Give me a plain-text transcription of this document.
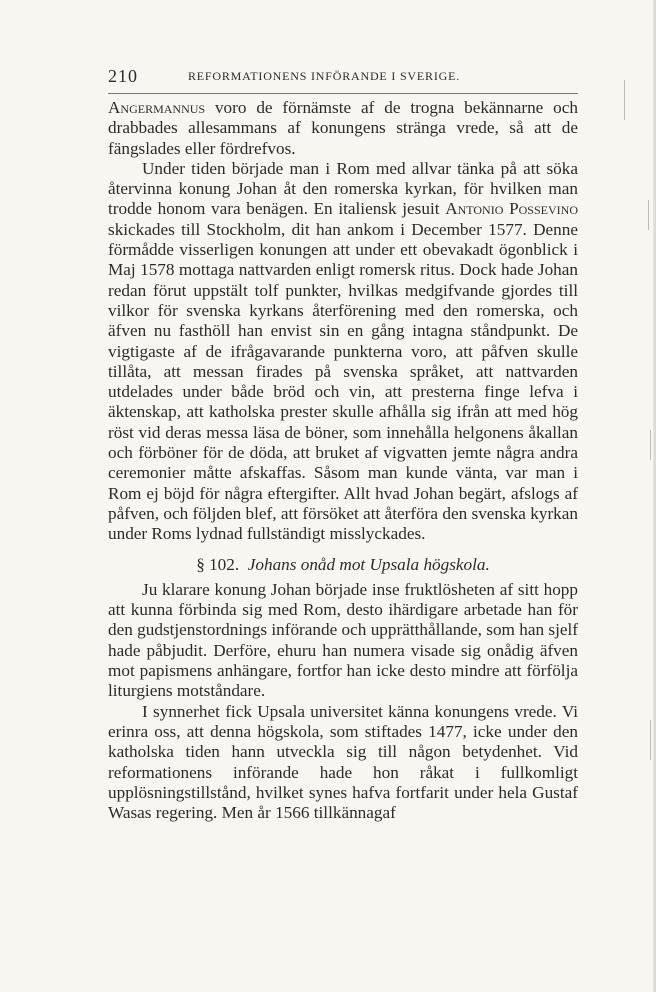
210	REFORMATIONENS INFÖRANDE I SVERIGE.

Angermannus voro de förnämste af de trogna bekännarne och drabbades allesammans af konungens stränga vrede, så att de fängslades eller fördrefvos.

Under tiden började man i Rom med allvar tänka på att söka återvinna konung Johan åt den romerska kyrkan, för hvilken man trodde honom vara benägen. En italiensk jesuit Antonio Possevino skickades till Stockholm, dit han ankom i December 1577. Denne förmådde visserligen konungen att under ett obevakadt ögonblick i Maj 1578 mottaga nattvarden enligt romersk ritus. Dock hade Johan redan förut uppstält tolf punkter, hvilkas medgifvande gjordes till vilkor för svenska kyrkans återförening med den romerska, och äfven nu fasthöll han envist sin en gång intagna ståndpunkt. De vigtigaste af de ifrågavarande punkterna voro, att påfven skulle tillåta, att messan firades på svenska språket, att nattvarden utdelades under både bröd och vin, att presterna finge lefva i äktenskap, att katholska prester skulle afhålla sig ifrån att med hög röst vid deras messa läsa de böner, som innehålla helgonens åkallan och förböner för de döda, att bruket af vigvatten jemte några andra ceremonier måtte afskaffas. Såsom man kunde vänta, var man i Rom ej böjd för några eftergifter. Allt hvad Johan begärt, afslogs af påfven, och följden blef, att försöket att återföra den svenska kyrkan under Roms lydnad fullständigt misslyckades.

§ 102. Johans onåd mot Upsala högskola.

Ju klarare konung Johan började inse fruktlösheten af sitt hopp att kunna förbinda sig med Rom, desto ihärdigare arbetade han för den gudstjenstordnings införande och upprätthållande, som han sjelf hade påbjudit. Derföre, ehuru han numera visade sig onådig äfven mot papismens anhängare, fortfor han icke desto mindre att förfölja liturgiens motståndare.

I synnerhet fick Upsala universitet känna konungens vrede. Vi erinra oss, att denna högskola, som stiftades 1477, icke under den katholska tiden hann utveckla sig till någon betydenhet. Vid reformationens införande hade hon råkat i fullkomligt upplösningstillstånd, hvilket synes hafva fortfarit under hela Gustaf Wasas regering. Men år 1566 tillkännagaf
